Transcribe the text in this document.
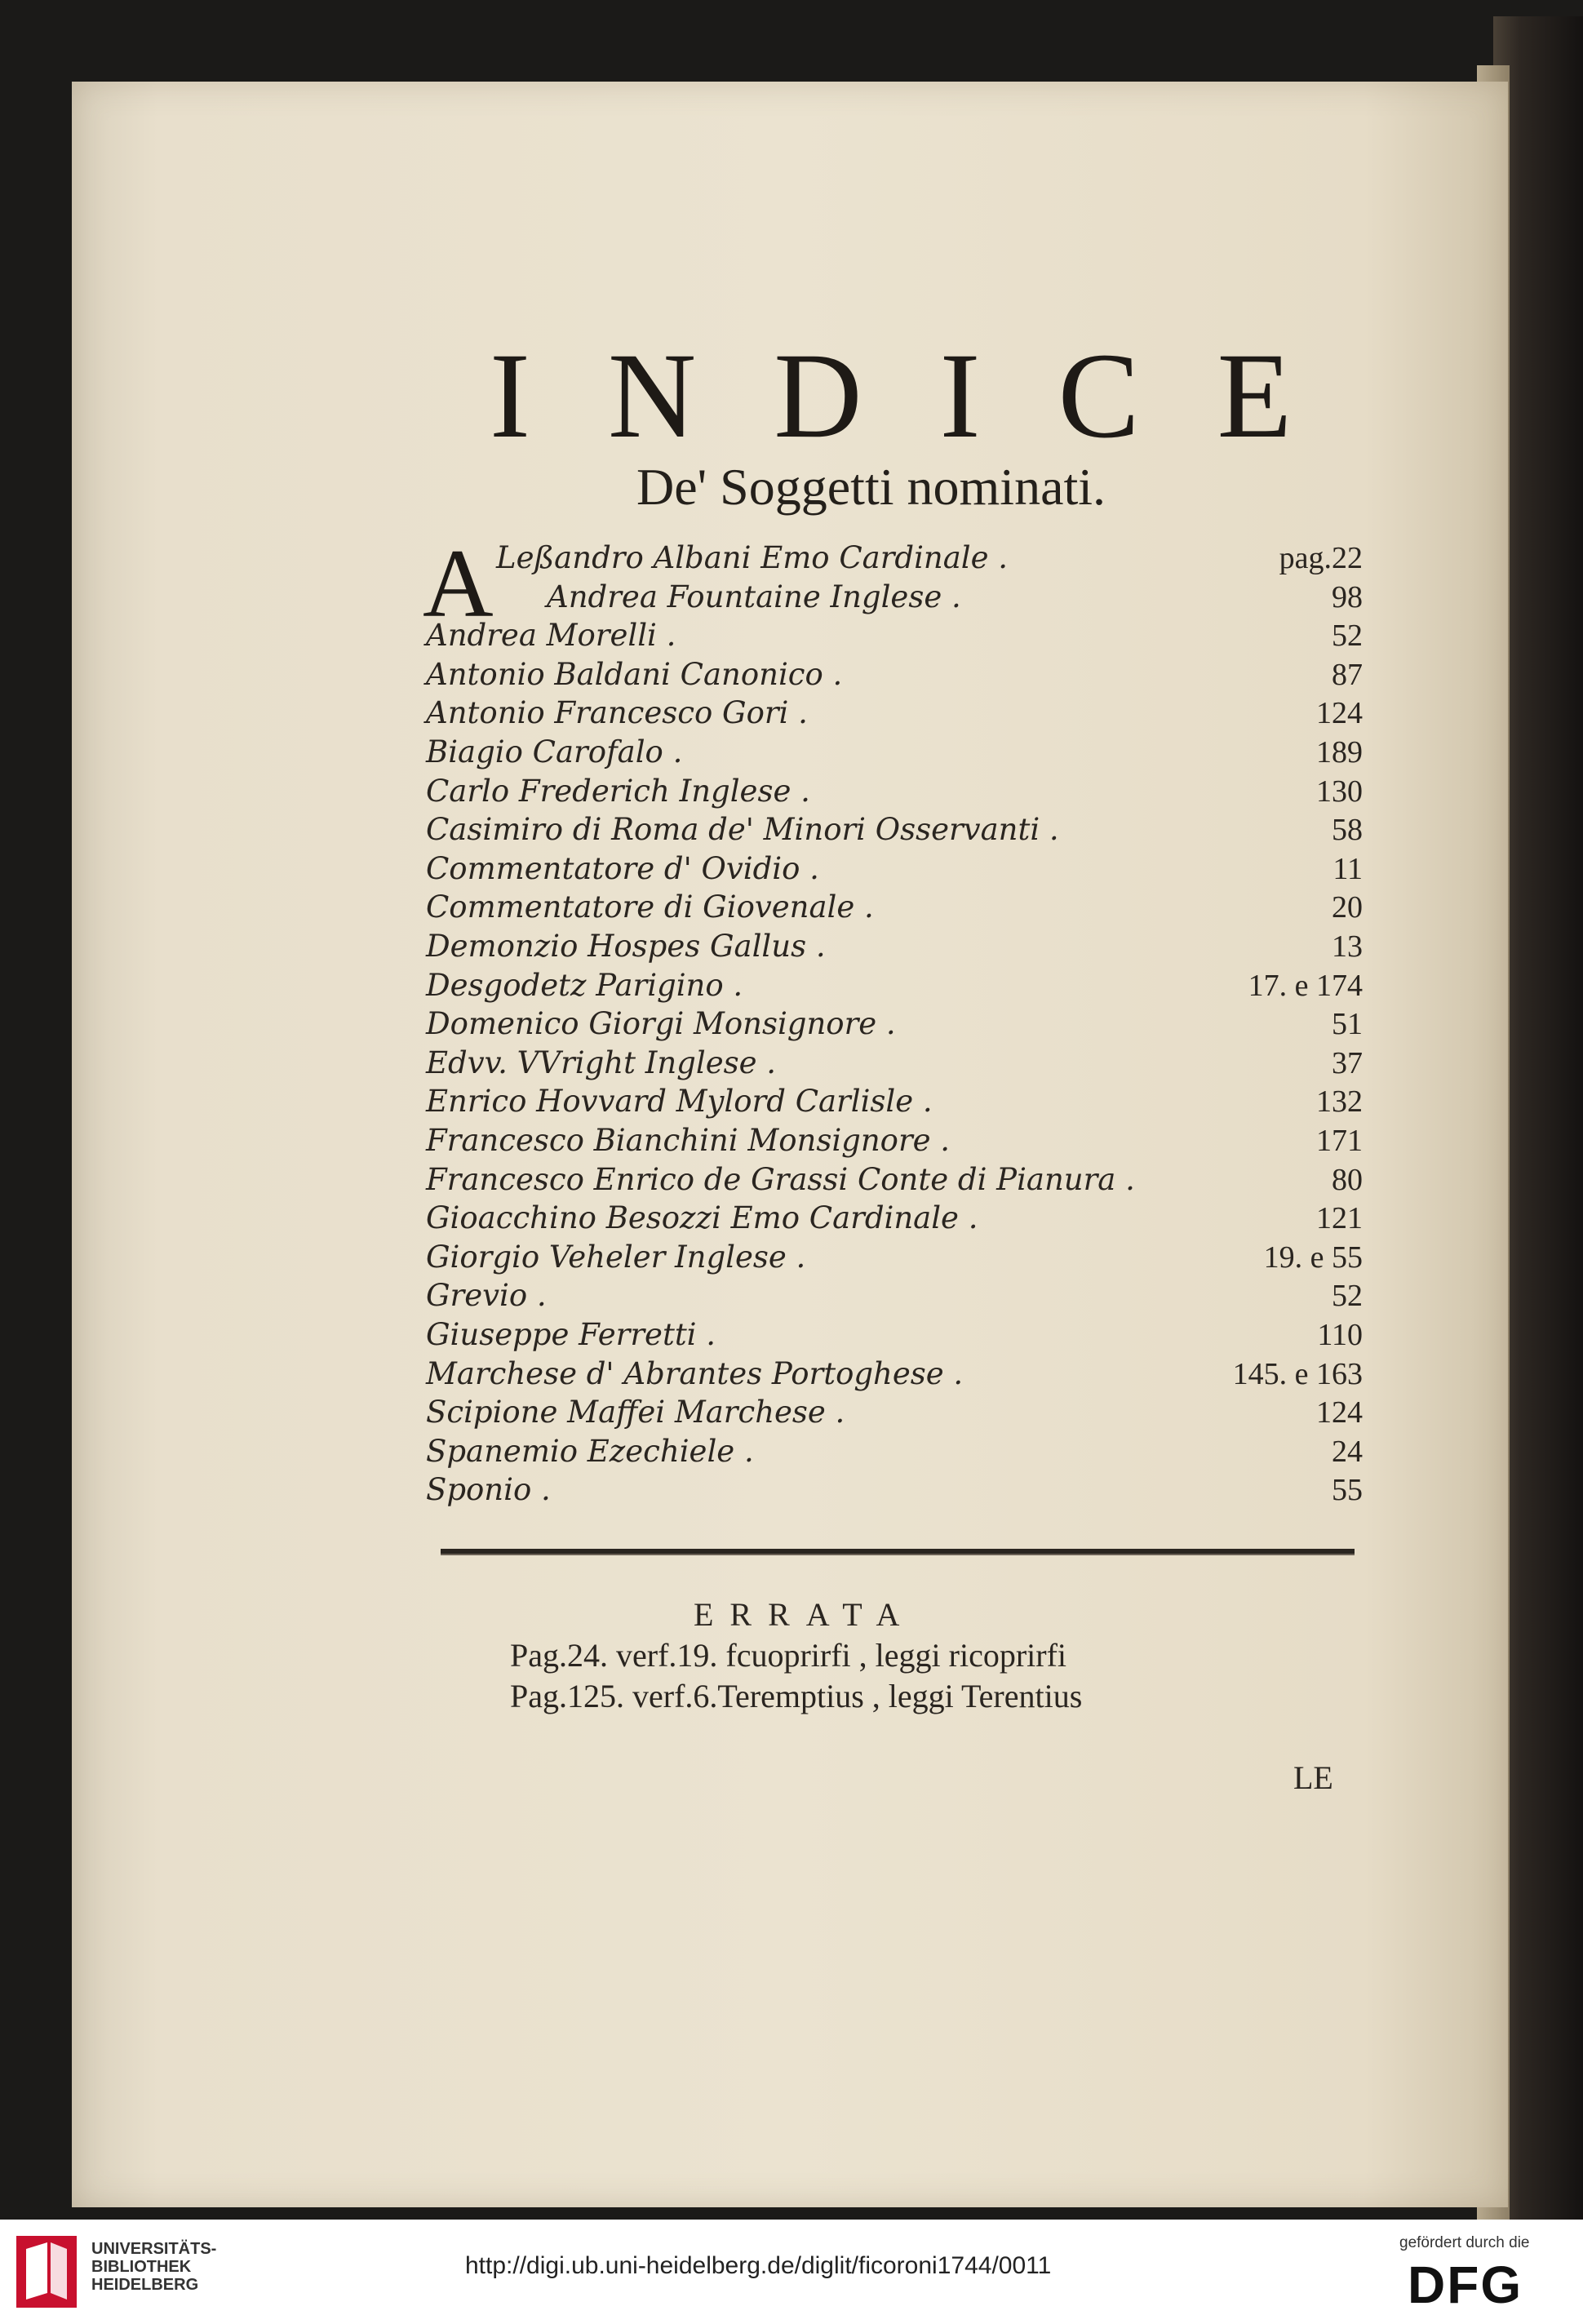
INDICE
De' Soggetti nominati.
A Leßandro Albani Emo Cardinale .	pag.22
Andrea Fountaine Inglese .	98
Andrea Morelli .	52
Antonio Baldani Canonico .	87
Antonio Francesco Gori .	124
Biagio Carofalo .	189
Carlo Frederich Inglese .	130
Casimiro di Roma de' Minori Osservanti .	58
Commentatore d' Ovidio .	11
Commentatore di Giovenale .	20
Demonzio Hospes Gallus .	13
Desgodetz Parigino .	17. e 174
Domenico Giorgi Monsignore .	51
Edvv. VVright Inglese .	37
Enrico Hovvard Mylord Carlisle .	132
Francesco Bianchini Monsignore .	171
Francesco Enrico de Grassi Conte di Pianura .	80
Gioacchino Besozzi Emo Cardinale .	121
Giorgio Veheler Inglese .	19. e 55
Grevio .	52
Giuseppe Ferretti .	110
Marchese d' Abrantes Portoghese .	145. e 163
Scipione Maffei Marchese .	124
Spanemio Ezechiele .	24
Sponio .	55
ERRATA
Pag.24. verf.19. fcuoprirfi , leggi ricoprirfi
Pag.125. verf.6.Teremptius , leggi Terentius
LE
UNIVERSITÄTS-
BIBLIOTHEK
HEIDELBERG
http://digi.ub.uni-heidelberg.de/diglit/ficoroni1744/0011
gefördert durch die
DFG
